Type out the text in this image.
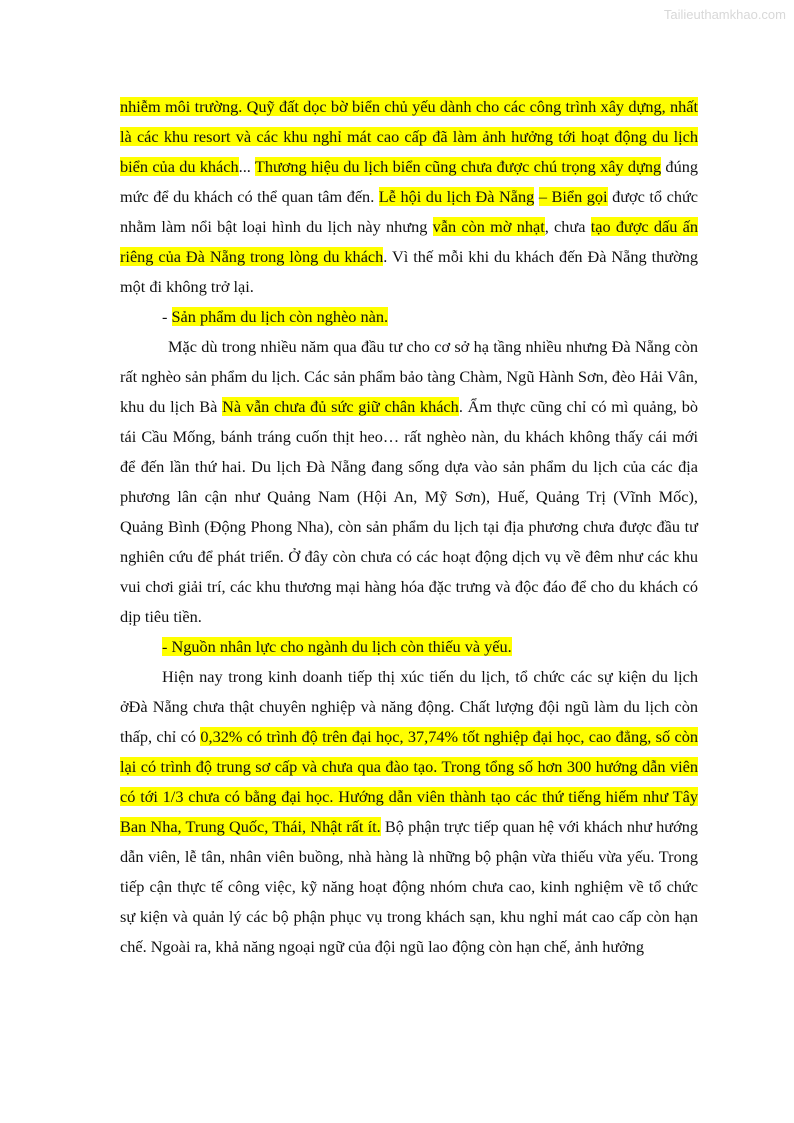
Tailieuthamkhao.com

nhiễm môi trường. Quỹ đất dọc bờ biển chủ yếu dành cho các công trình xây dựng, nhất là các khu resort và các khu nghỉ mát cao cấp đã làm ảnh hưởng tới hoạt động du lịch biển của du khách... Thương hiệu du lịch biển cũng chưa được chú trọng xây dựng đúng mức để du khách có thể quan tâm đến. Lễ hội du lịch Đà Nẵng – Biển gọi được tổ chức nhằm làm nổi bật loại hình du lịch này nhưng vẫn còn mờ nhạt, chưa tạo được dấu ấn riêng của Đà Nẵng trong lòng du khách. Vì thế mỗi khi du khách đến Đà Nẵng thường một đi không trở lại.

- Sản phẩm du lịch còn nghèo nàn.

Mặc dù trong nhiều năm qua đầu tư cho cơ sở hạ tầng nhiều nhưng Đà Nẵng còn rất nghèo sản phẩm du lịch. Các sản phẩm bảo tàng Chàm, Ngũ Hành Sơn, đèo Hải Vân, khu du lịch Bà Nà vẫn chưa đủ sức giữ chân khách. Ẩm thực cũng chỉ có mì quảng, bò tái Cầu Mống, bánh tráng cuốn thịt heo… rất nghèo nàn, du khách không thấy cái mới để đến lần thứ hai. Du lịch Đà Nẵng đang sống dựa vào sản phẩm du lịch của các địa phương lân cận như Quảng Nam (Hội An, Mỹ Sơn), Huế, Quảng Trị (Vĩnh Mốc), Quảng Bình (Động Phong Nha), còn sản phẩm du lịch tại địa phương chưa được đầu tư nghiên cứu để phát triển. Ở đây còn chưa có các hoạt động dịch vụ về đêm như các khu vui chơi giải trí, các khu thương mại hàng hóa đặc trưng và độc đáo để cho du khách có dịp tiêu tiền.

- Nguồn nhân lực cho ngành du lịch còn thiếu và yếu.

Hiện nay trong kinh doanh tiếp thị xúc tiến du lịch, tổ chức các sự kiện du lịch ởĐà Nẵng chưa thật chuyên nghiệp và năng động. Chất lượng đội ngũ làm du lịch còn thấp, chỉ có 0,32% có trình độ trên đại học, 37,74% tốt nghiệp đại học, cao đẳng, số còn lại có trình độ trung sơ cấp và chưa qua đào tạo. Trong tổng số hơn 300 hướng dẫn viên có tới 1/3 chưa có bằng đại học. Hướng dẫn viên thành tạo các thứ tiếng hiếm như Tây Ban Nha, Trung Quốc, Thái, Nhật rất ít. Bộ phận trực tiếp quan hệ với khách như hướng dẫn viên, lễ tân, nhân viên buồng, nhà hàng là những bộ phận vừa thiếu vừa yếu. Trong tiếp cận thực tế công việc, kỹ năng hoạt động nhóm chưa cao, kinh nghiệm về tổ chức sự kiện và quản lý các bộ phận phục vụ trong khách sạn, khu nghỉ mát cao cấp còn hạn chế. Ngoài ra, khả năng ngoại ngữ của đội ngũ lao động còn hạn chế, ảnh hưởng
